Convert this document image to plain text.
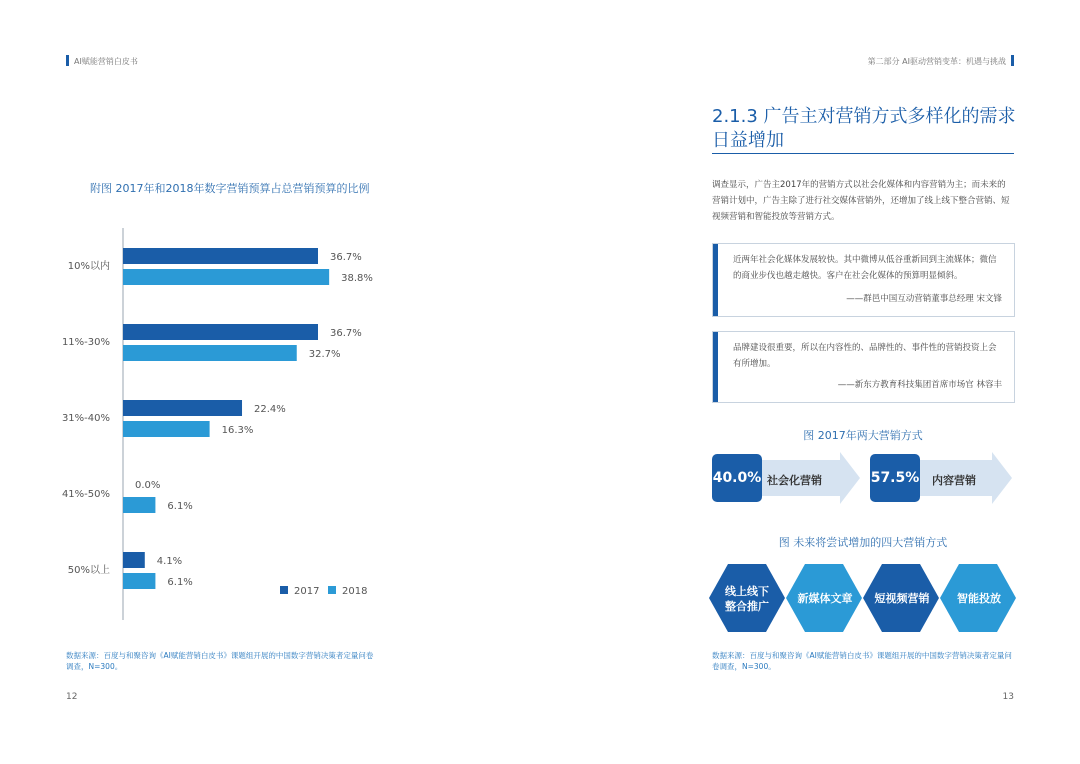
AI赋能营销白皮书	第二部分 AI驱动营销变革：机遇与挑战
附图 2017年和2018年数字营销预算占总营销预算的比例
36.7%
38.8%
10%以内
36.7%
32.7%
11%-30%
22.4%
16.3%
31%-40%
0.0%
6.1%
41%-50%
4.1%
6.1%
50%以上
2017 2018
数据来源：百度与和聚咨询《AI赋能营销白皮书》课题组开展的中国数字营销决策者定量问卷调查，N=300。
12
2.1.3 广告主对营销方式多样化的需求
日益增加
调查显示，广告主2017年的营销方式以社会化媒体和内容营销为主；而未来的营销计划中，广告主除了进行社交媒体营销外，还增加了线上线下整合营销、短视频营销和智能投放等营销方式。
近两年社会化媒体发展较快。其中微博从低谷重新回到主流媒体；微信的商业步伐也越走越快。客户在社会化媒体的预算明显倾斜。
——群邑中国互动营销董事总经理 宋文锋
品牌建设很重要，所以在内容性的、品牌性的、事件性的营销投资上会有所增加。
——新东方教育科技集团首席市场官 林容丰
图 2017年两大营销方式
40.0% 社会化营销	57.5% 内容营销
图 未来将尝试增加的四大营销方式
线上线下
整合推广
新媒体文章	短视频营销	智能投放
数据来源：百度与和聚咨询《AI赋能营销白皮书》课题组开展的中国数字营销决策者定量问卷调查，N=300。
13
